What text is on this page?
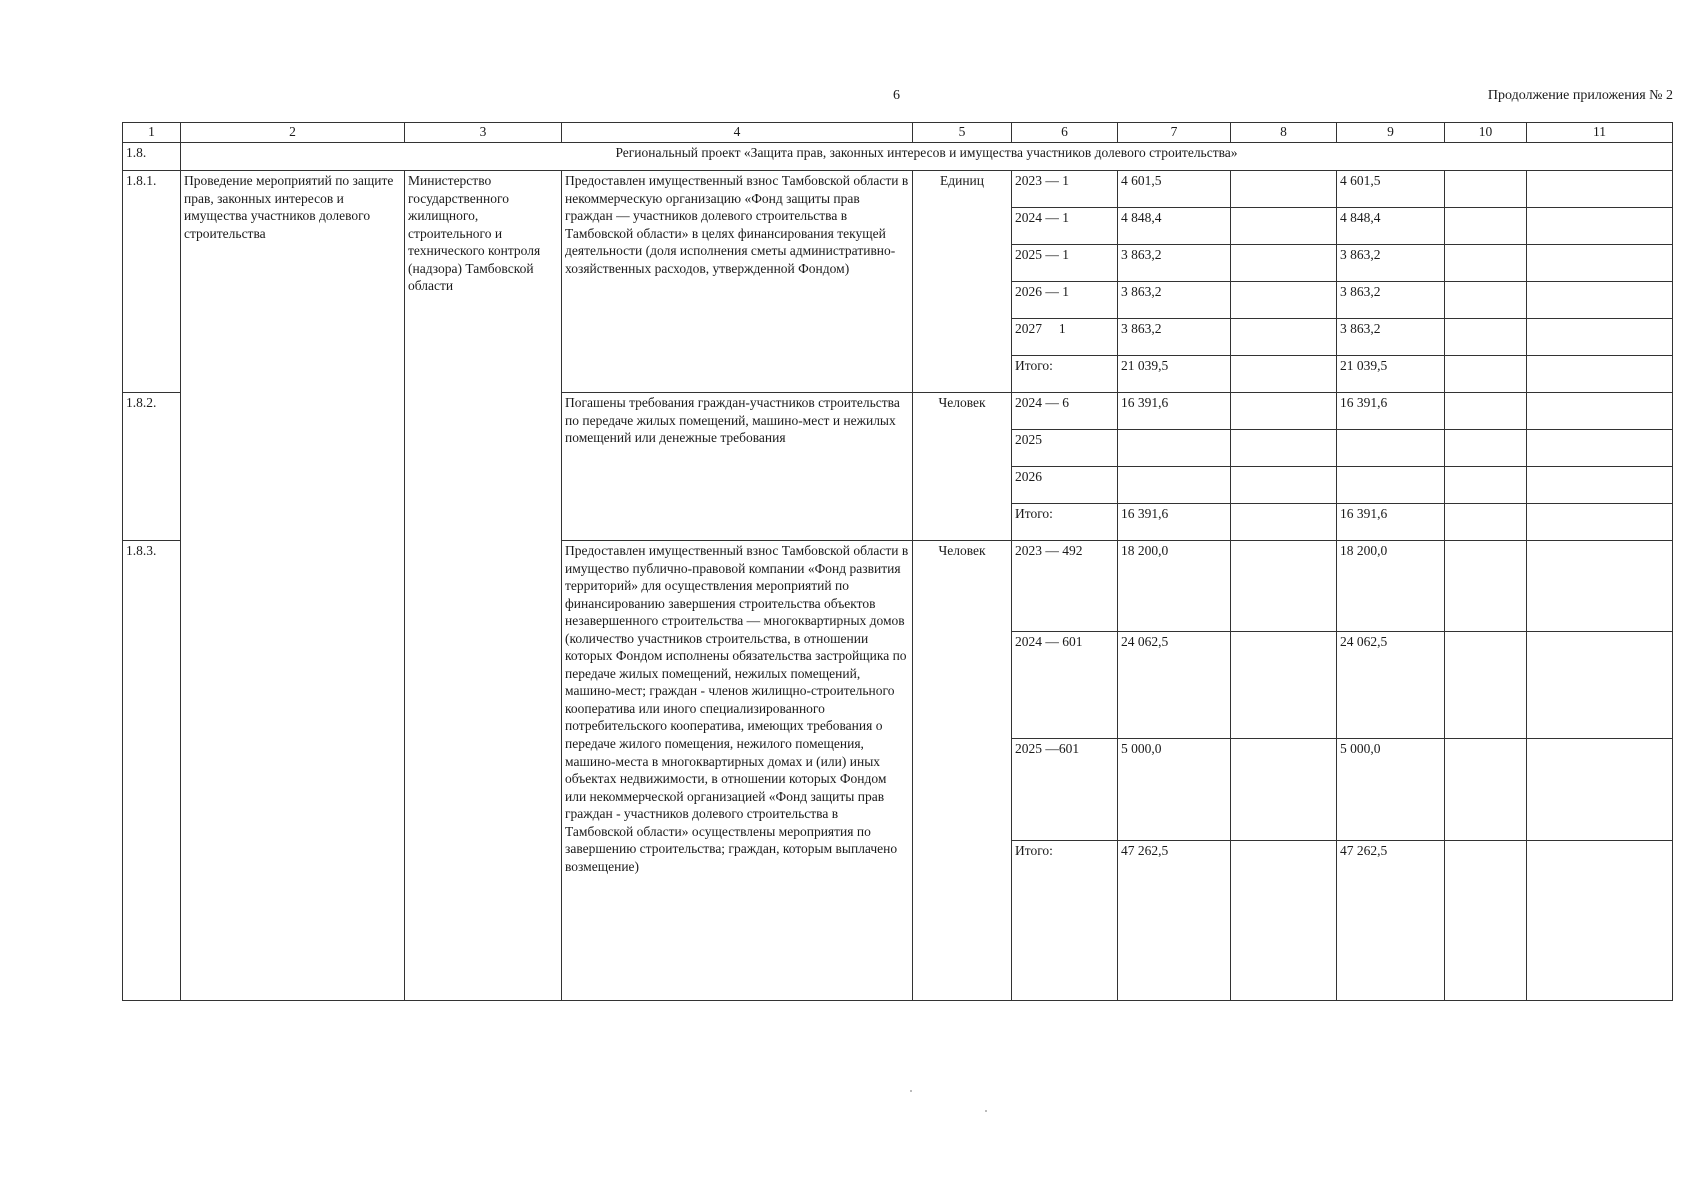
6	Продолжение приложения № 2
1	2	3	4	5	6	7	8	9	10	11
1.8.	Региональный проект «Защита прав, законных интересов и имущества участников долевого строительства»									
1.8.1.	Проведение мероприятий по защите прав, законных интересов и имущества участников долевого строительства	Министерство государственного жилищного, строительного и технического контроля (надзора) Тамбовской области	Предоставлен имущественный взнос Тамбовской области в некоммерческую организацию «Фонд защиты прав граждан — участников долевого строительства в Тамбовской области» в целях финансирования текущей деятельности (доля исполнения сметы административно-хозяйственных расходов, утвержденной Фондом)	Единиц	2023 — 1	4 601,5		4 601,5		
					2024 — 1	4 848,4		4 848,4		
					2025 — 1	3 863,2		3 863,2		
					2026 — 1	3 863,2		3 863,2		
					2027     1	3 863,2		3 863,2		
					Итого:	21 039,5		21 039,5		
1.8.2.			Погашены требования граждан-участников строительства по передаче жилых помещений, машино-мест и нежилых помещений или денежные требования	Человек	2024 — 6	16 391,6		16 391,6		
					2025					
					2026					
					Итого:	16 391,6		16 391,6		
1.8.3.			Предоставлен имущественный взнос Тамбовской области в имущество публично-правовой компании «Фонд развития территорий» для осуществления мероприятий по финансированию завершения строительства объектов незавершенного строительства — многоквартирных домов (количество участников строительства, в отношении которых Фондом исполнены обязательства застройщика по передаче жилых помещений, нежилых помещений, машино-мест; граждан - членов жилищно-строительного кооператива или иного специализированного потребительского кооператива, имеющих требования о передаче жилого помещения, нежилого помещения, машино-места в многоквартирных домах и (или) иных объектах недвижимости, в отношении которых Фондом или некоммерческой организацией «Фонд защиты прав граждан - участников долевого строительства в Тамбовской области» осуществлены мероприятия по завершению строительства; граждан, которым выплачено возмещение)	Человек	2023 — 492	18 200,0		18 200,0		
					2024 — 601	24 062,5		24 062,5		
					2025 —601	5 000,0		5 000,0		
					Итого:	47 262,5		47 262,5		
